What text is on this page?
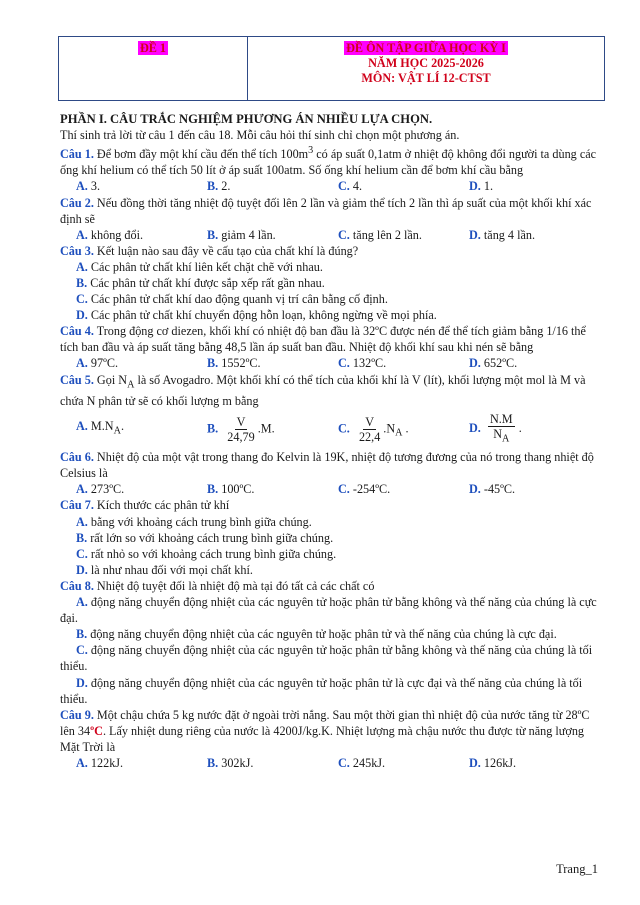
ĐỀ 1	ĐỀ ÔN TẬP GIỮA HỌC KỲ I
NĂM HỌC 2025-2026
MÔN: VẬT LÍ 12-CTST

PHẦN I. CÂU TRẮC NGHIỆM PHƯƠNG ÁN NHIỀU LỰA CHỌN.

Thí sinh trả lời từ câu 1 đến câu 18. Mỗi câu hỏi thí sinh chỉ chọn một phương án.

Câu 1. Để bơm đầy một khí cầu đến thể tích $100m^3$ có áp suất 0,1atm ở nhiệt độ không đổi người ta dùng các ống khí helium có thể tích 50 lít ở áp suất 100atm. Số ống khí helium cần để bơm khí cầu bằng

A. 3.	B. 2.	C. 4.	D. 1.

Câu 2. Nếu đồng thời tăng nhiệt độ tuyệt đối lên 2 lần và giảm thể tích 2 lần thì áp suất của một khối khí xác định sẽ

A. không đổi.	B. giảm 4 lần.	C. tăng lên 2 lần.	D. tăng 4 lần.

Câu 3. Kết luận nào sau đây về cấu tạo của chất khí là đúng?

A. Các phân tử chất khí liên kết chặt chẽ với nhau.

B. Các phân tử chất khí được sắp xếp rất gần nhau.

C. Các phân tử chất khí dao động quanh vị trí cân bằng cố định.

D. Các phân tử chất khí chuyển động hỗn loạn, không ngừng về mọi phía.

Câu 4. Trong động cơ diezen, khối khí có nhiệt độ ban đầu là 32ºC được nén để thể tích giảm bằng 1/16 thể tích ban đầu và áp suất tăng bằng 48,5 lần áp suất ban đầu. Nhiệt độ khối khí sau khi nén sẽ bằng

A. 97ºC.	B. 1552ºC.	C. 132ºC.	D. 652ºC.

Câu 5. Gọi $N_A$ là số Avogadro. Một khối khí có thể tích của khối khí là V (lít), khối lượng một mol là M và chứa N phân tử sẽ có khối lượng m bằng

A. $M.N_A$.	B. $\frac{V}{24,79} .M$.	C. $\frac{V}{22,4} .N_A$ .	D. $\frac{N.M}{N_A}$ .

Câu 6. Nhiệt độ của một vật trong thang đo Kelvin là 19K, nhiệt độ tương đương của nó trong thang nhiệt độ Celsius là

A. 273ºC.	B. 100ºC.	C. -254ºC.	D. -45ºC.

Câu 7. Kích thước các phân tử khí

A. bằng với khoảng cách trung bình giữa chúng.

B. rất lớn so với khoảng cách trung bình giữa chúng.

C. rất nhỏ so với khoảng cách trung bình giữa chúng.

D. là như nhau đối với mọi chất khí.

Câu 8. Nhiệt độ tuyệt đối là nhiệt độ mà tại đó tất cả các chất có

A. động năng chuyển động nhiệt của các nguyên tử hoặc phân tử bằng không và thế năng của chúng là cực đại.

B. động năng chuyển động nhiệt của các nguyên tử hoặc phân tử và thế năng của chúng là cực đại.

C. động năng chuyển động nhiệt của các nguyên tử hoặc phân tử bằng không và thế năng của chúng là tối thiểu.

D. động năng chuyển động nhiệt của các nguyên tử hoặc phân tử là cực đại và thế năng của chúng là tối thiểu.

Câu 9. Một chậu chứa 5 kg nước đặt ở ngoài trời nắng. Sau một thời gian thì nhiệt độ của nước tăng từ 28ºC lên 34ºC. Lấy nhiệt dung riêng của nước là 4200J/kg.K. Nhiệt lượng mà chậu nước thu được từ năng lượng Mặt Trời là

A. 122kJ.	B. 302kJ.	C. 245kJ.	D. 126kJ.
Trang_1
